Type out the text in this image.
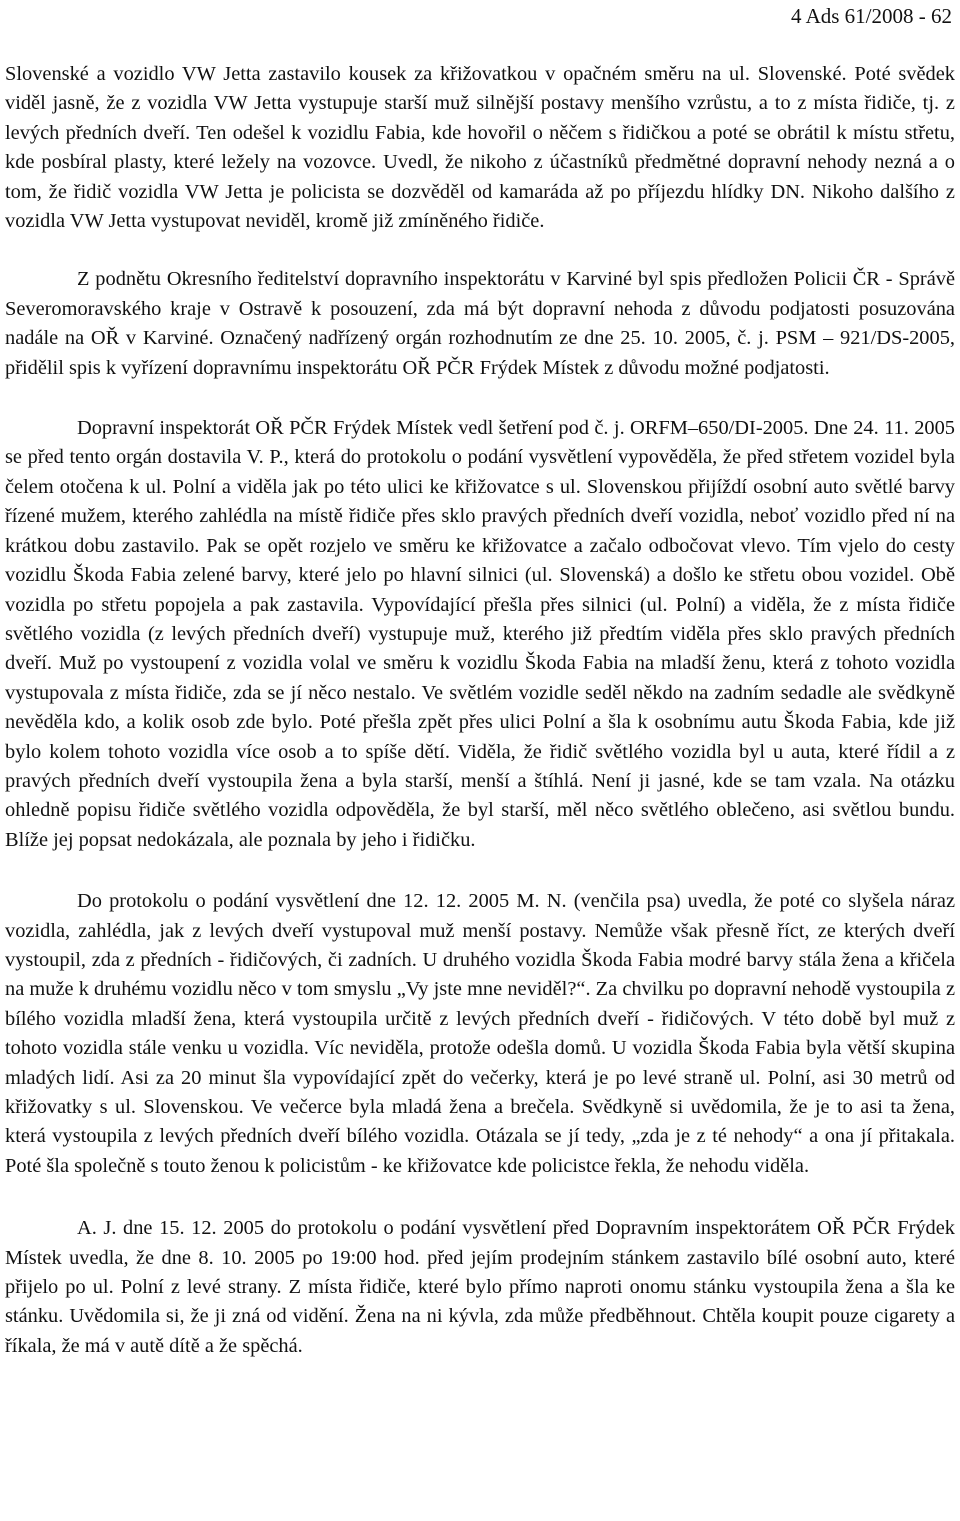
4 Ads 61/2008 - 62

Slovenské a vozidlo VW Jetta zastavilo kousek za křižovatkou v opačném směru na ul. Slovenské. Poté svědek viděl jasně, že z vozidla VW Jetta vystupuje starší muž silnější postavy menšího vzrůstu, a to z místa řidiče, tj. z levých předních dveří. Ten odešel k vozidlu Fabia, kde hovořil o něčem s řidičkou a poté se obrátil k místu střetu, kde posbíral plasty, které ležely na vozovce. Uvedl, že nikoho z účastníků předmětné dopravní nehody nezná a o tom, že řidič vozidla VW Jetta je policista se dozvěděl od kamaráda až po příjezdu hlídky DN. Nikoho dalšího z vozidla VW Jetta vystupovat neviděl, kromě již zmíněného řidiče.

Z podnětu Okresního ředitelství dopravního inspektorátu v Karviné byl spis předložen Policii ČR - Správě Severomoravského kraje v Ostravě k posouzení, zda má být dopravní nehoda z důvodu podjatosti posuzována nadále na OŘ v Karviné. Označený nadřízený orgán rozhodnutím ze dne 25. 10. 2005, č. j. PSM – 921/DS-2005, přidělil spis k vyřízení dopravnímu inspektorátu OŘ PČR Frýdek Místek z důvodu možné podjatosti.

Dopravní inspektorát OŘ PČR Frýdek Místek vedl šetření pod č. j. ORFM–650/DI-2005. Dne 24. 11. 2005 se před tento orgán dostavila V. P., která do protokolu o podání vysvětlení vypověděla, že před střetem vozidel byla čelem otočena k ul. Polní a viděla jak po této ulici ke křižovatce s ul. Slovenskou přijíždí osobní auto světlé barvy řízené mužem, kterého zahlédla na místě řidiče přes sklo pravých předních dveří vozidla, neboť vozidlo před ní na krátkou dobu zastavilo. Pak se opět rozjelo ve směru ke křižovatce a začalo odbočovat vlevo. Tím vjelo do cesty vozidlu Škoda Fabia zelené barvy, které jelo po hlavní silnici (ul. Slovenská) a došlo ke střetu obou vozidel. Obě vozidla po střetu popojela a pak zastavila. Vypovídající přešla přes silnici (ul. Polní) a viděla, že z místa řidiče světlého vozidla (z levých předních dveří) vystupuje muž, kterého již předtím viděla přes sklo pravých předních dveří. Muž po vystoupení z vozidla volal ve směru k vozidlu Škoda Fabia na mladší ženu, která z tohoto vozidla vystupovala z místa řidiče, zda se jí něco nestalo. Ve světlém vozidle seděl někdo na zadním sedadle ale svědkyně nevěděla kdo, a kolik osob zde bylo. Poté přešla zpět přes ulici Polní a šla k osobnímu autu Škoda Fabia, kde již bylo kolem tohoto vozidla více osob a to spíše dětí. Viděla, že řidič světlého vozidla byl u auta, které řídil a z pravých předních dveří vystoupila žena a byla starší, menší a štíhlá. Není ji jasné, kde se tam vzala. Na otázku ohledně popisu řidiče světlého vozidla odpověděla, že byl starší, měl něco světlého oblečeno, asi světlou bundu. Blíže jej popsat nedokázala, ale poznala by jeho i řidičku.

Do protokolu o podání vysvětlení dne 12. 12. 2005 M. N. (venčila psa) uvedla, že poté co slyšela náraz vozidla, zahlédla, jak z levých dveří vystupoval muž menší postavy. Nemůže však přesně říct, ze kterých dveří vystoupil, zda z předních - řidičových, či zadních. U druhého vozidla Škoda Fabia modré barvy stála žena a křičela na muže k druhému vozidlu něco v tom smyslu „Vy jste mne neviděl?“. Za chvilku po dopravní nehodě vystoupila z bílého vozidla mladší žena, která vystoupila určitě z levých předních dveří - řidičových. V této době byl muž z tohoto vozidla stále venku u vozidla. Víc neviděla, protože odešla domů. U vozidla Škoda Fabia byla větší skupina mladých lidí. Asi za 20 minut šla vypovídající zpět do večerky, která je po levé straně ul. Polní, asi 30 metrů od křižovatky s ul. Slovenskou. Ve večerce byla mladá žena a brečela. Svědkyně si uvědomila, že je to asi ta žena, která vystoupila z levých předních dveří bílého vozidla. Otázala se jí tedy, „zda je z té nehody“ a ona jí přitakala. Poté šla společně s touto ženou k policistům - ke křižovatce kde policistce řekla, že nehodu viděla.

A. J. dne 15. 12. 2005 do protokolu o podání vysvětlení před Dopravním inspektorátem OŘ PČR Frýdek Místek uvedla, že dne 8. 10. 2005 po 19:00 hod. před jejím prodejním stánkem zastavilo bílé osobní auto, které přijelo po ul. Polní z levé strany. Z místa řidiče, které bylo přímo naproti onomu stánku vystoupila žena a šla ke stánku. Uvědomila si, že ji zná od vidění. Žena na ni kývla, zda může předběhnout. Chtěla koupit pouze cigarety a říkala, že má v autě dítě a že spěchá.
